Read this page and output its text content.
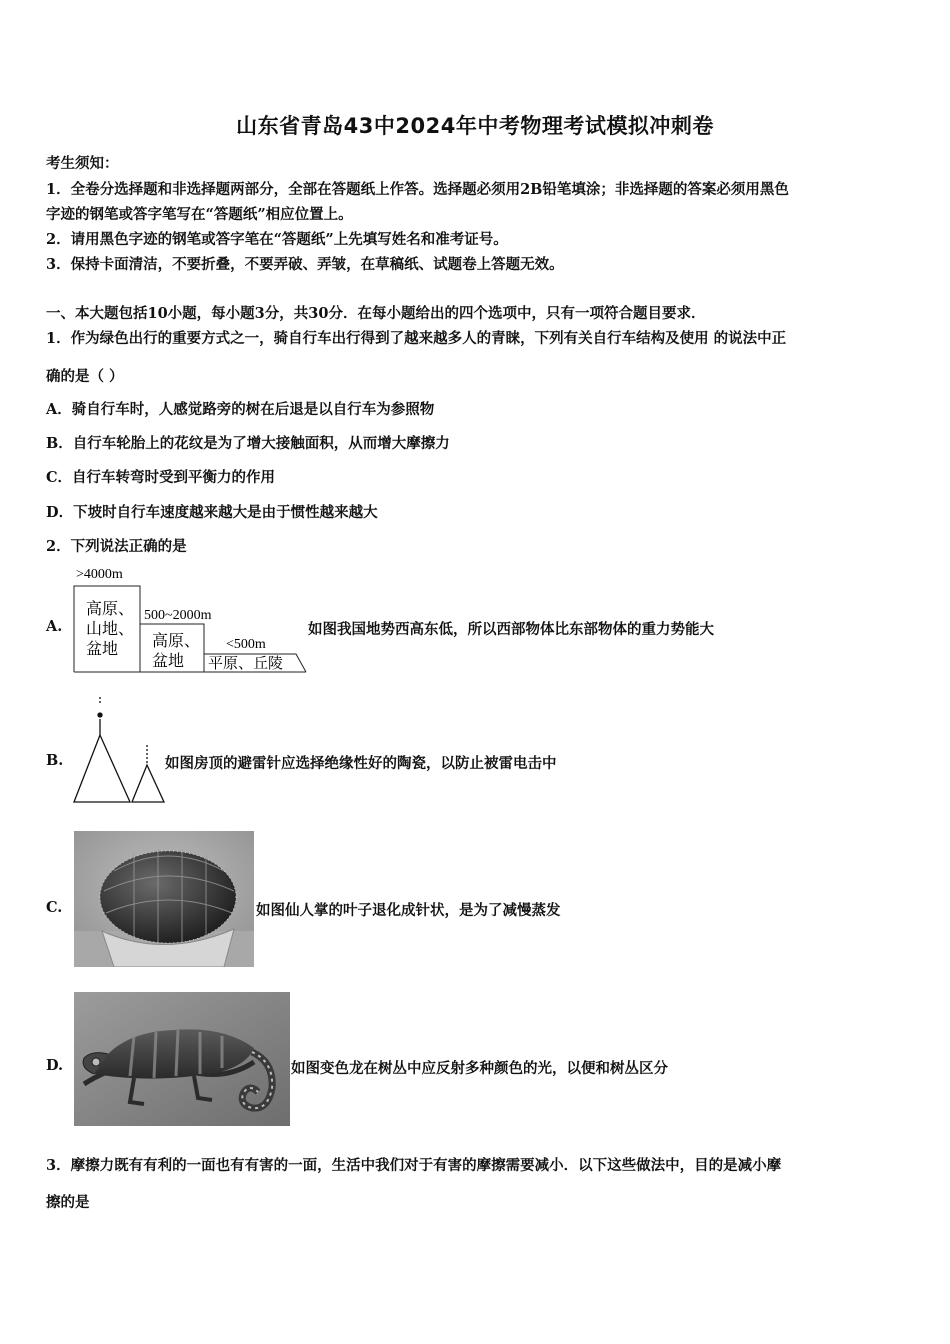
山东省青岛43中2024年中考物理考试模拟冲刺卷
考生须知：
1．全卷分选择题和非选择题两部分，全部在答题纸上作答。选择题必须用2B铅笔填涂；非选择题的答案必须用黑色
字迹的钢笔或答字笔写在“答题纸”相应位置上。
2．请用黑色字迹的钢笔或答字笔在“答题纸”上先填写姓名和准考证号。
3．保持卡面清洁，不要折叠，不要弄破、弄皱，在草稿纸、试题卷上答题无效。
一、本大题包括10小题，每小题3分，共30分．在每小题给出的四个选项中，只有一项符合题目要求．
1．作为绿色出行的重要方式之一，骑自行车出行得到了越来越多人的青睐，下列有关自行车结构及使用 的说法中正
确的是（ ）
A．骑自行车时，人感觉路旁的树在后退是以自行车为参照物
B．自行车轮胎上的花纹是为了增大接触面积，从而增大摩擦力
C．自行车转弯时受到平衡力的作用
D．下坡时自行车速度越来越大是由于惯性越来越大
2．下列说法正确的是
A.
>4000m
高原、
山地、
盆地
500~2000m
高原、
盆地
<500m
平原、丘陵
如图我国地势西高东低，所以西部物体比东部物体的重力势能大
B.	如图房顶的避雷针应选择绝缘性好的陶瓷，以防止被雷电击中
C.	如图仙人掌的叶子退化成针状，是为了减慢蒸发
D.	如图变色龙在树丛中应反射多种颜色的光，以便和树丛区分
3．摩擦力既有有利的一面也有有害的一面，生活中我们对于有害的摩擦需要减小．以下这些做法中，目的是减小摩
擦的是
